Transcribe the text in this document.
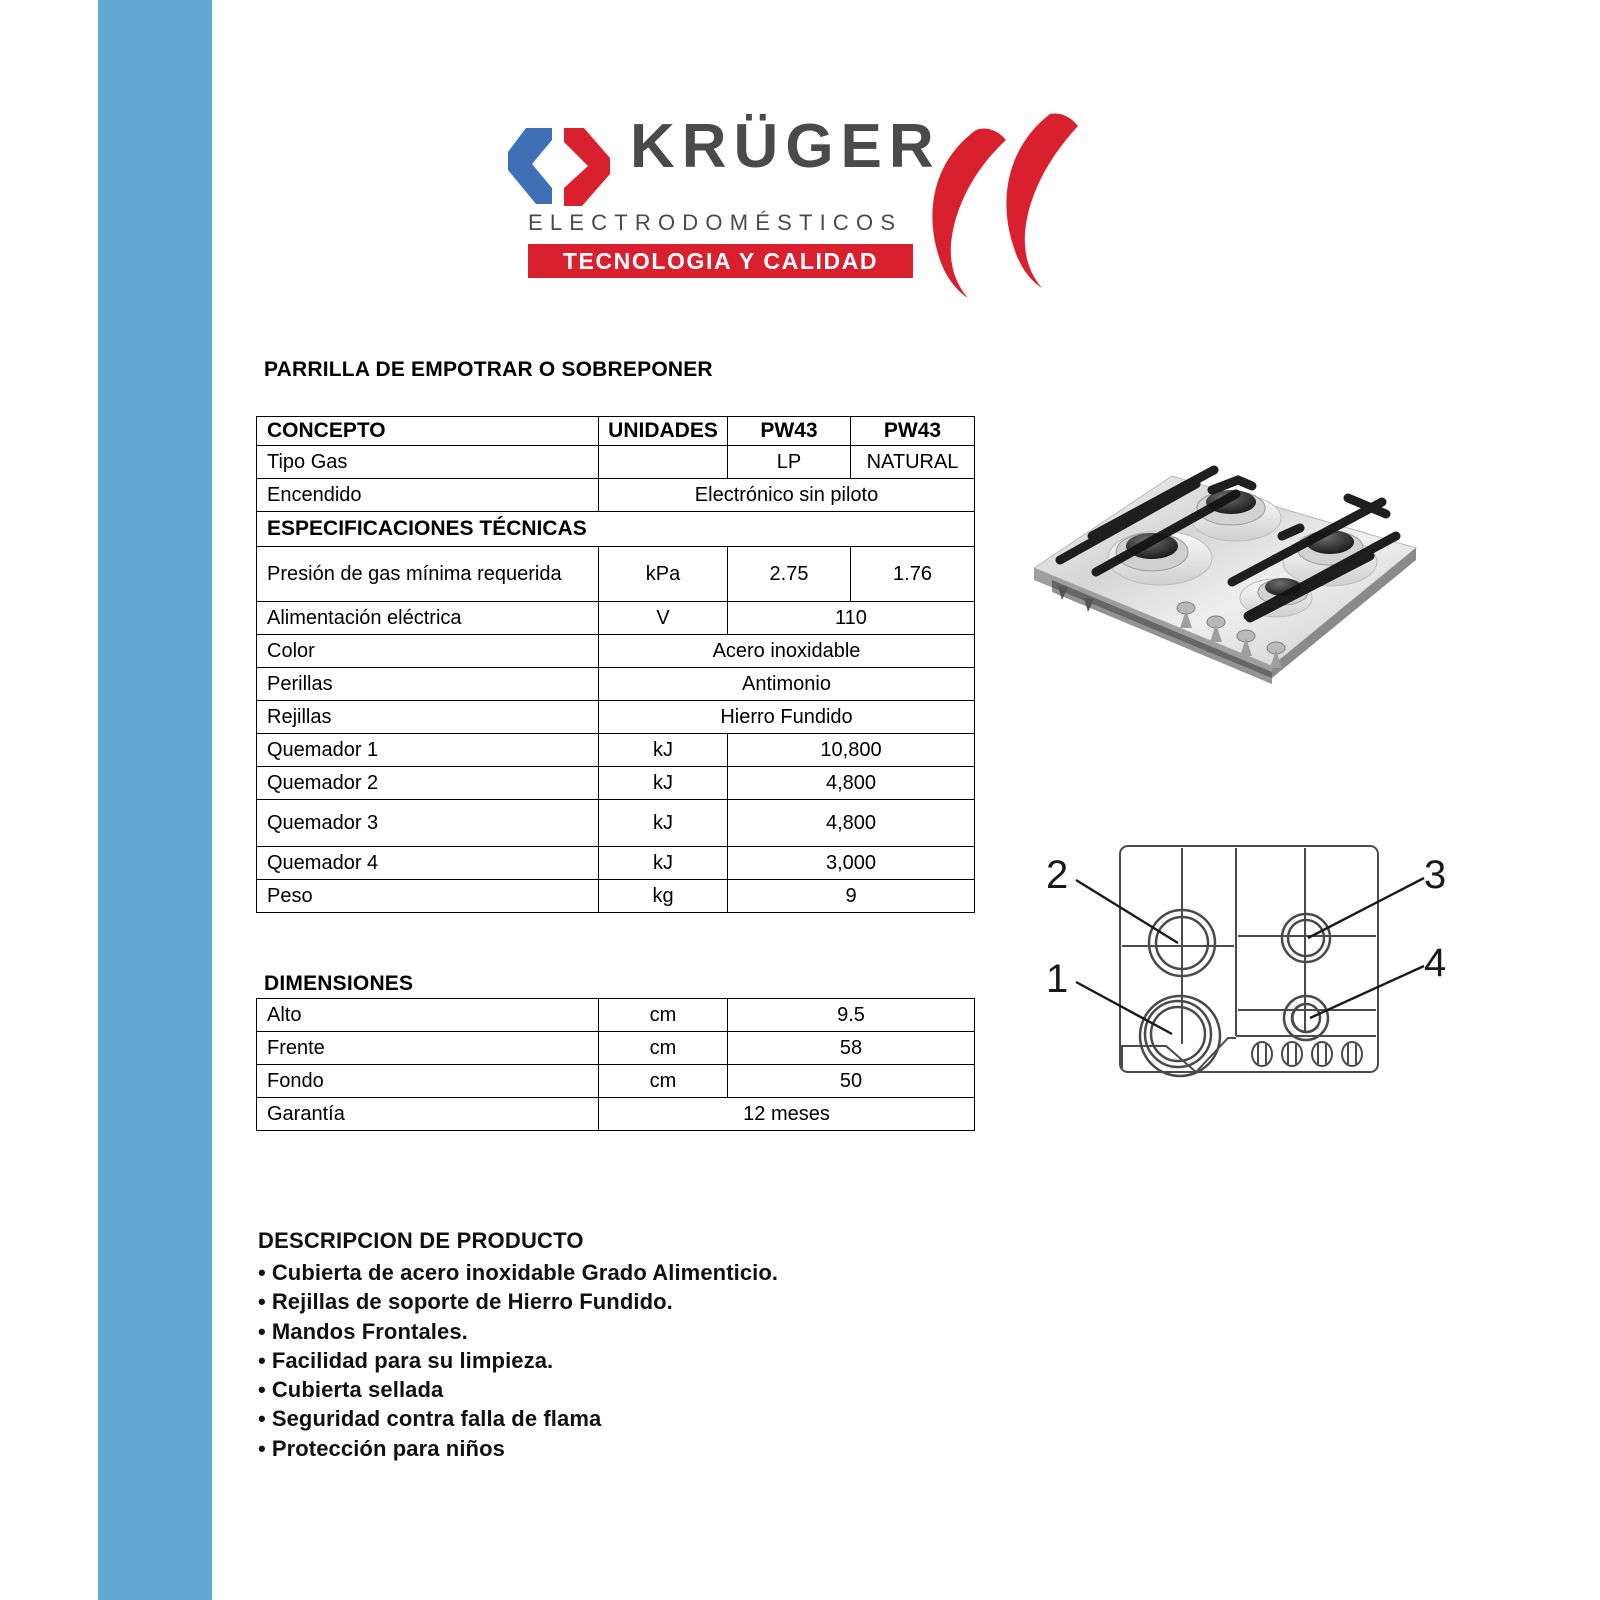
KRÜGER
ELECTRODOMÉSTICOS
TECNOLOGIA Y CALIDAD
PARRILLA DE EMPOTRAR O SOBREPONER
DIMENSIONES
CONCEPTO	UNIDADES	PW43	PW43
Tipo Gas		LP	NATURAL
Encendido	Electrónico sin piloto		
ESPECIFICACIONES TÉCNICAS			
Presión de gas mínima requerida	kPa	2.75	1.76
Alimentación eléctrica	V	110	
Color	Acero inoxidable		
Perillas	Antimonio		
Rejillas	Hierro Fundido		
Quemador 1	kJ	10,800	
Quemador 2	kJ	4,800	
Quemador 3	kJ	4,800	
Quemador 4	kJ	3,000	
Peso	kg	9	
Alto	cm	9.5
Frente	cm	58
Fondo	cm	50
Garantía	12 meses	
2
1
3
4
DESCRIPCION DE PRODUCTO
• Cubierta de acero inoxidable Grado Alimenticio.
• Rejillas de soporte de Hierro Fundido.
• Mandos Frontales.
• Facilidad para su limpieza.
• Cubierta sellada
• Seguridad contra falla de flama
• Protección para niños
